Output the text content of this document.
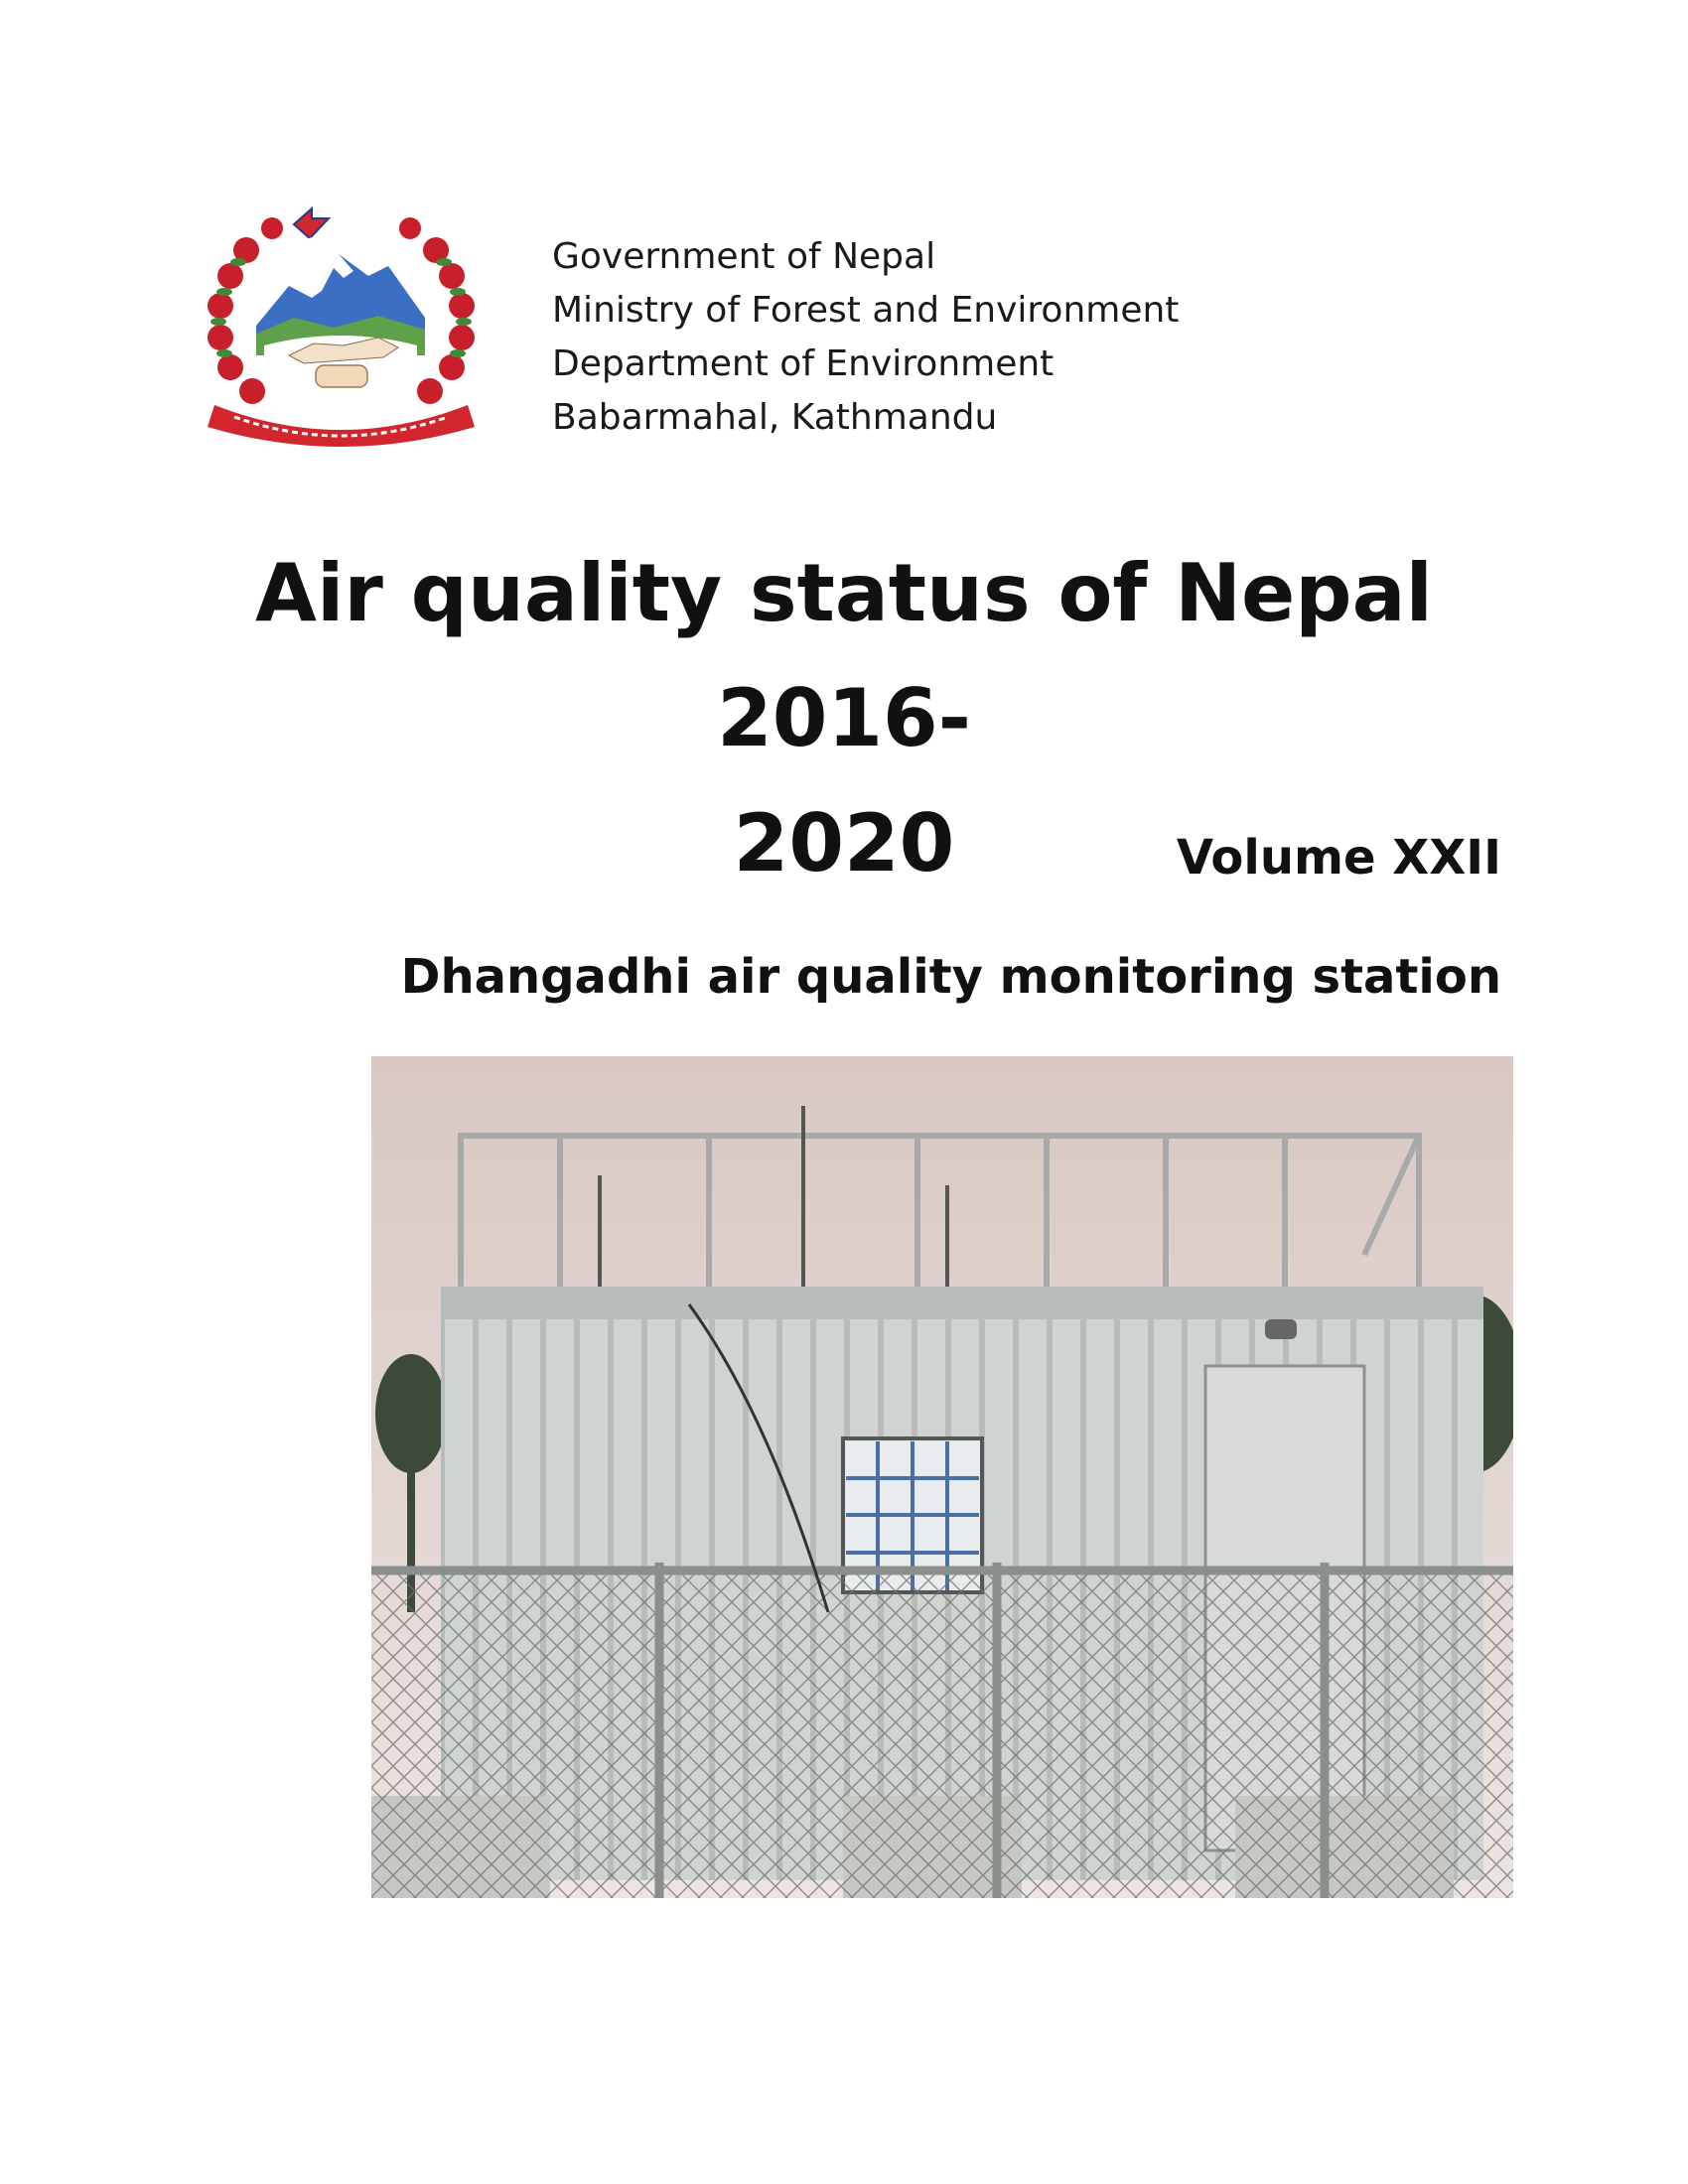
Government of Nepal
Ministry of Forest and Environment
Department of Environment
Babarmahal, Kathmandu
Air quality status of Nepal 2016-
2020	Volume XXII
Dhangadhi air quality monitoring station
